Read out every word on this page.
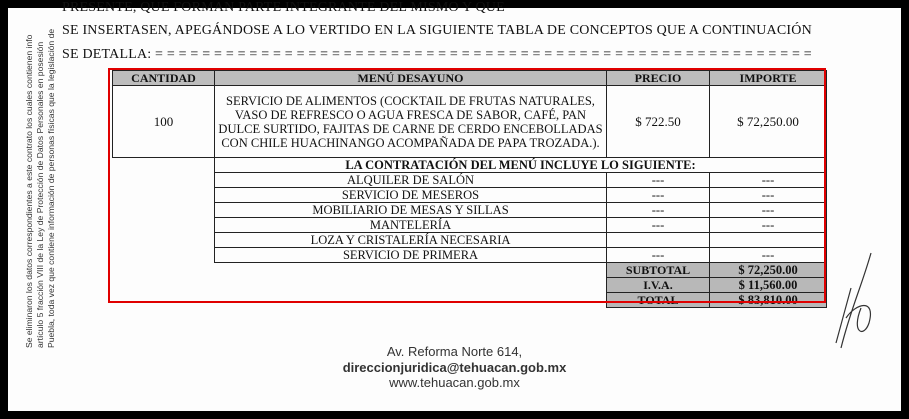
Se eliminaron los datos correspondientes a este contrato los cuales contienen info artículo 5 fracción VIII de la Ley de Protección de Datos Personales en posesión Puebla, toda vez que contiene información de personas físicas que la legislación de
PRESENTE, QUE FORMAN PARTE INTEGRANTE DEL MISMO Y QUE
SE INSERTASEN, APEGÁNDOSE A LO VERTIDO EN LA SIGUIENTE TABLA DE CONCEPTOS QUE A CONTINUACIÓN
SE DETALLA: = = = = = = = = = = = = = = = = = = = = = = = = = = = = = = = = = = = = = = = = = = = = = = = = = = = = = = = =
CANTIDAD	MENÚ DESAYUNO	PRECIO	IMPORTE
100	SERVICIO DE ALIMENTOS (COCKTAIL DE FRUTAS NATURALES, VASO DE REFRESCO O AGUA FRESCA DE SABOR, CAFÉ, PAN DULCE SURTIDO, FAJITAS DE CARNE DE CERDO ENCEBOLLADAS CON CHILE HUACHINANGO ACOMPAÑADA DE PAPA TROZADA.).	$ 722.50	$ 72,250.00
	LA CONTRATACIÓN DEL MENÚ INCLUYE LO SIGUIENTE:		
	ALQUILER DE SALÓN	---	---
	SERVICIO DE MESEROS	---	---
	MOBILIARIO DE MESAS Y SILLAS	---	---
	MANTELERÍA	---	---
	LOZA Y CRISTALERÍA NECESARIA		
	SERVICIO DE PRIMERA	---	---
		SUBTOTAL	$ 72,250.00
		I.V.A.	$ 11,560.00
		TOTAL	$ 83,810.00
Av. Reforma Norte 614,
direccionjuridica@tehuacan.gob.mx
www.tehuacan.gob.mx
